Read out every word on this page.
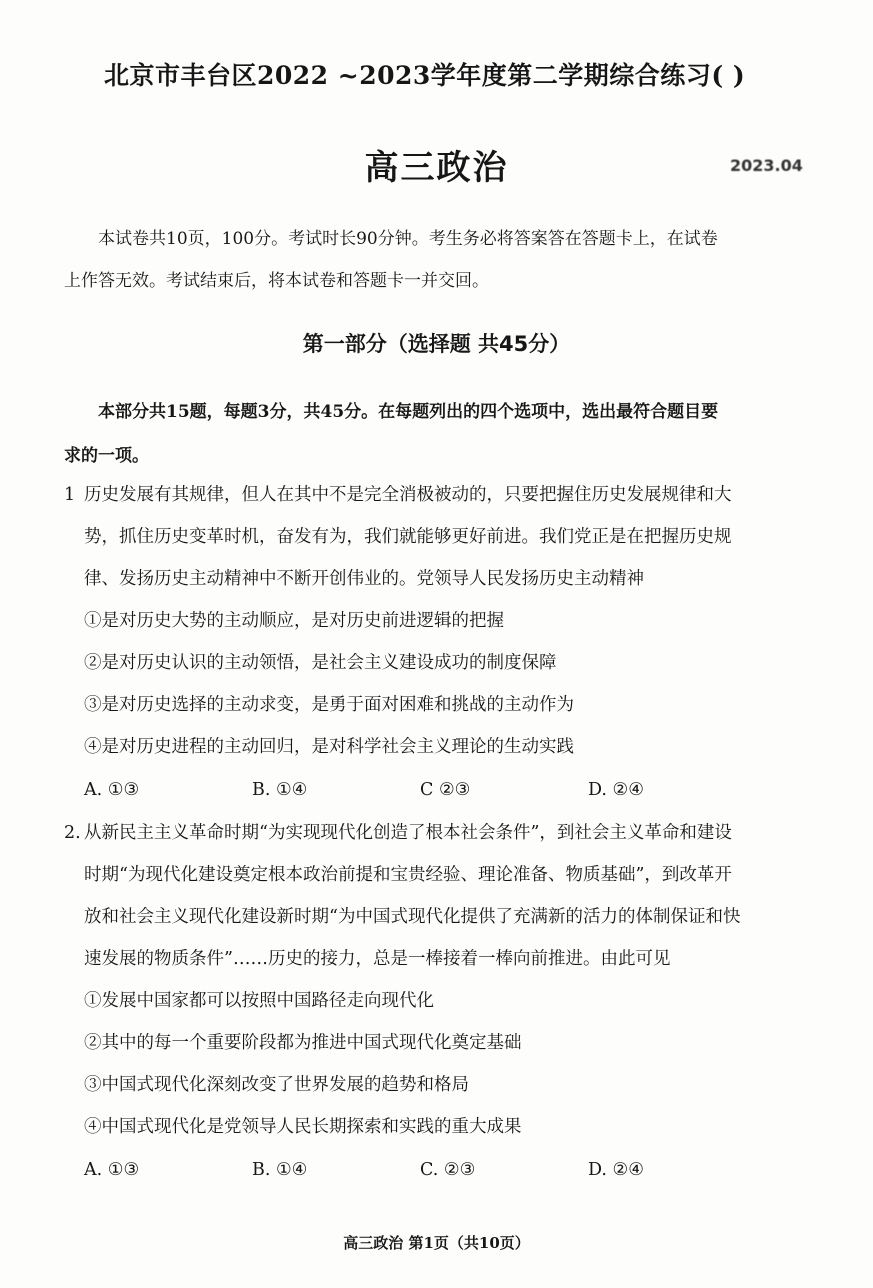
北京市丰台区2022 ~2023学年度第二学期综合练习( )
高三政治	2023.04
本试卷共10页，100分。考试时长90分钟。考生务必将答案答在答题卡上，在试卷
上作答无效。考试结束后，将本试卷和答题卡一并交回。
第一部分（选择题 共45分）
本部分共15题，每题3分，共45分。在每题列出的四个选项中，选出最符合题目要
求的一项。
1 历史发展有其规律，但人在其中不是完全消极被动的，只要把握住历史发展规律和大
势，抓住历史变革时机，奋发有为，我们就能够更好前进。我们党正是在把握历史规
律、发扬历史主动精神中不断开创伟业的。党领导人民发扬历史主动精神
①是对历史大势的主动顺应，是对历史前进逻辑的把握
②是对历史认识的主动领悟，是社会主义建设成功的制度保障
③是对历史选择的主动求变，是勇于面对困难和挑战的主动作为
④是对历史进程的主动回归，是对科学社会主义理论的生动实践
A. ①③	B. ①④	C ②③	D. ②④
2. 从新民主主义革命时期“为实现现代化创造了根本社会条件”，到社会主义革命和建设
时期“为现代化建设奠定根本政治前提和宝贵经验、理论准备、物质基础”，到改革开
放和社会主义现代化建设新时期“为中国式现代化提供了充满新的活力的体制保证和快
速发展的物质条件”……历史的接力，总是一棒接着一棒向前推进。由此可见
①发展中国家都可以按照中国路径走向现代化
②其中的每一个重要阶段都为推进中国式现代化奠定基础
③中国式现代化深刻改变了世界发展的趋势和格局
④中国式现代化是党领导人民长期探索和实践的重大成果
A. ①③	B. ①④	C. ②③	D. ②④
高三政治 第1页（共10页）
